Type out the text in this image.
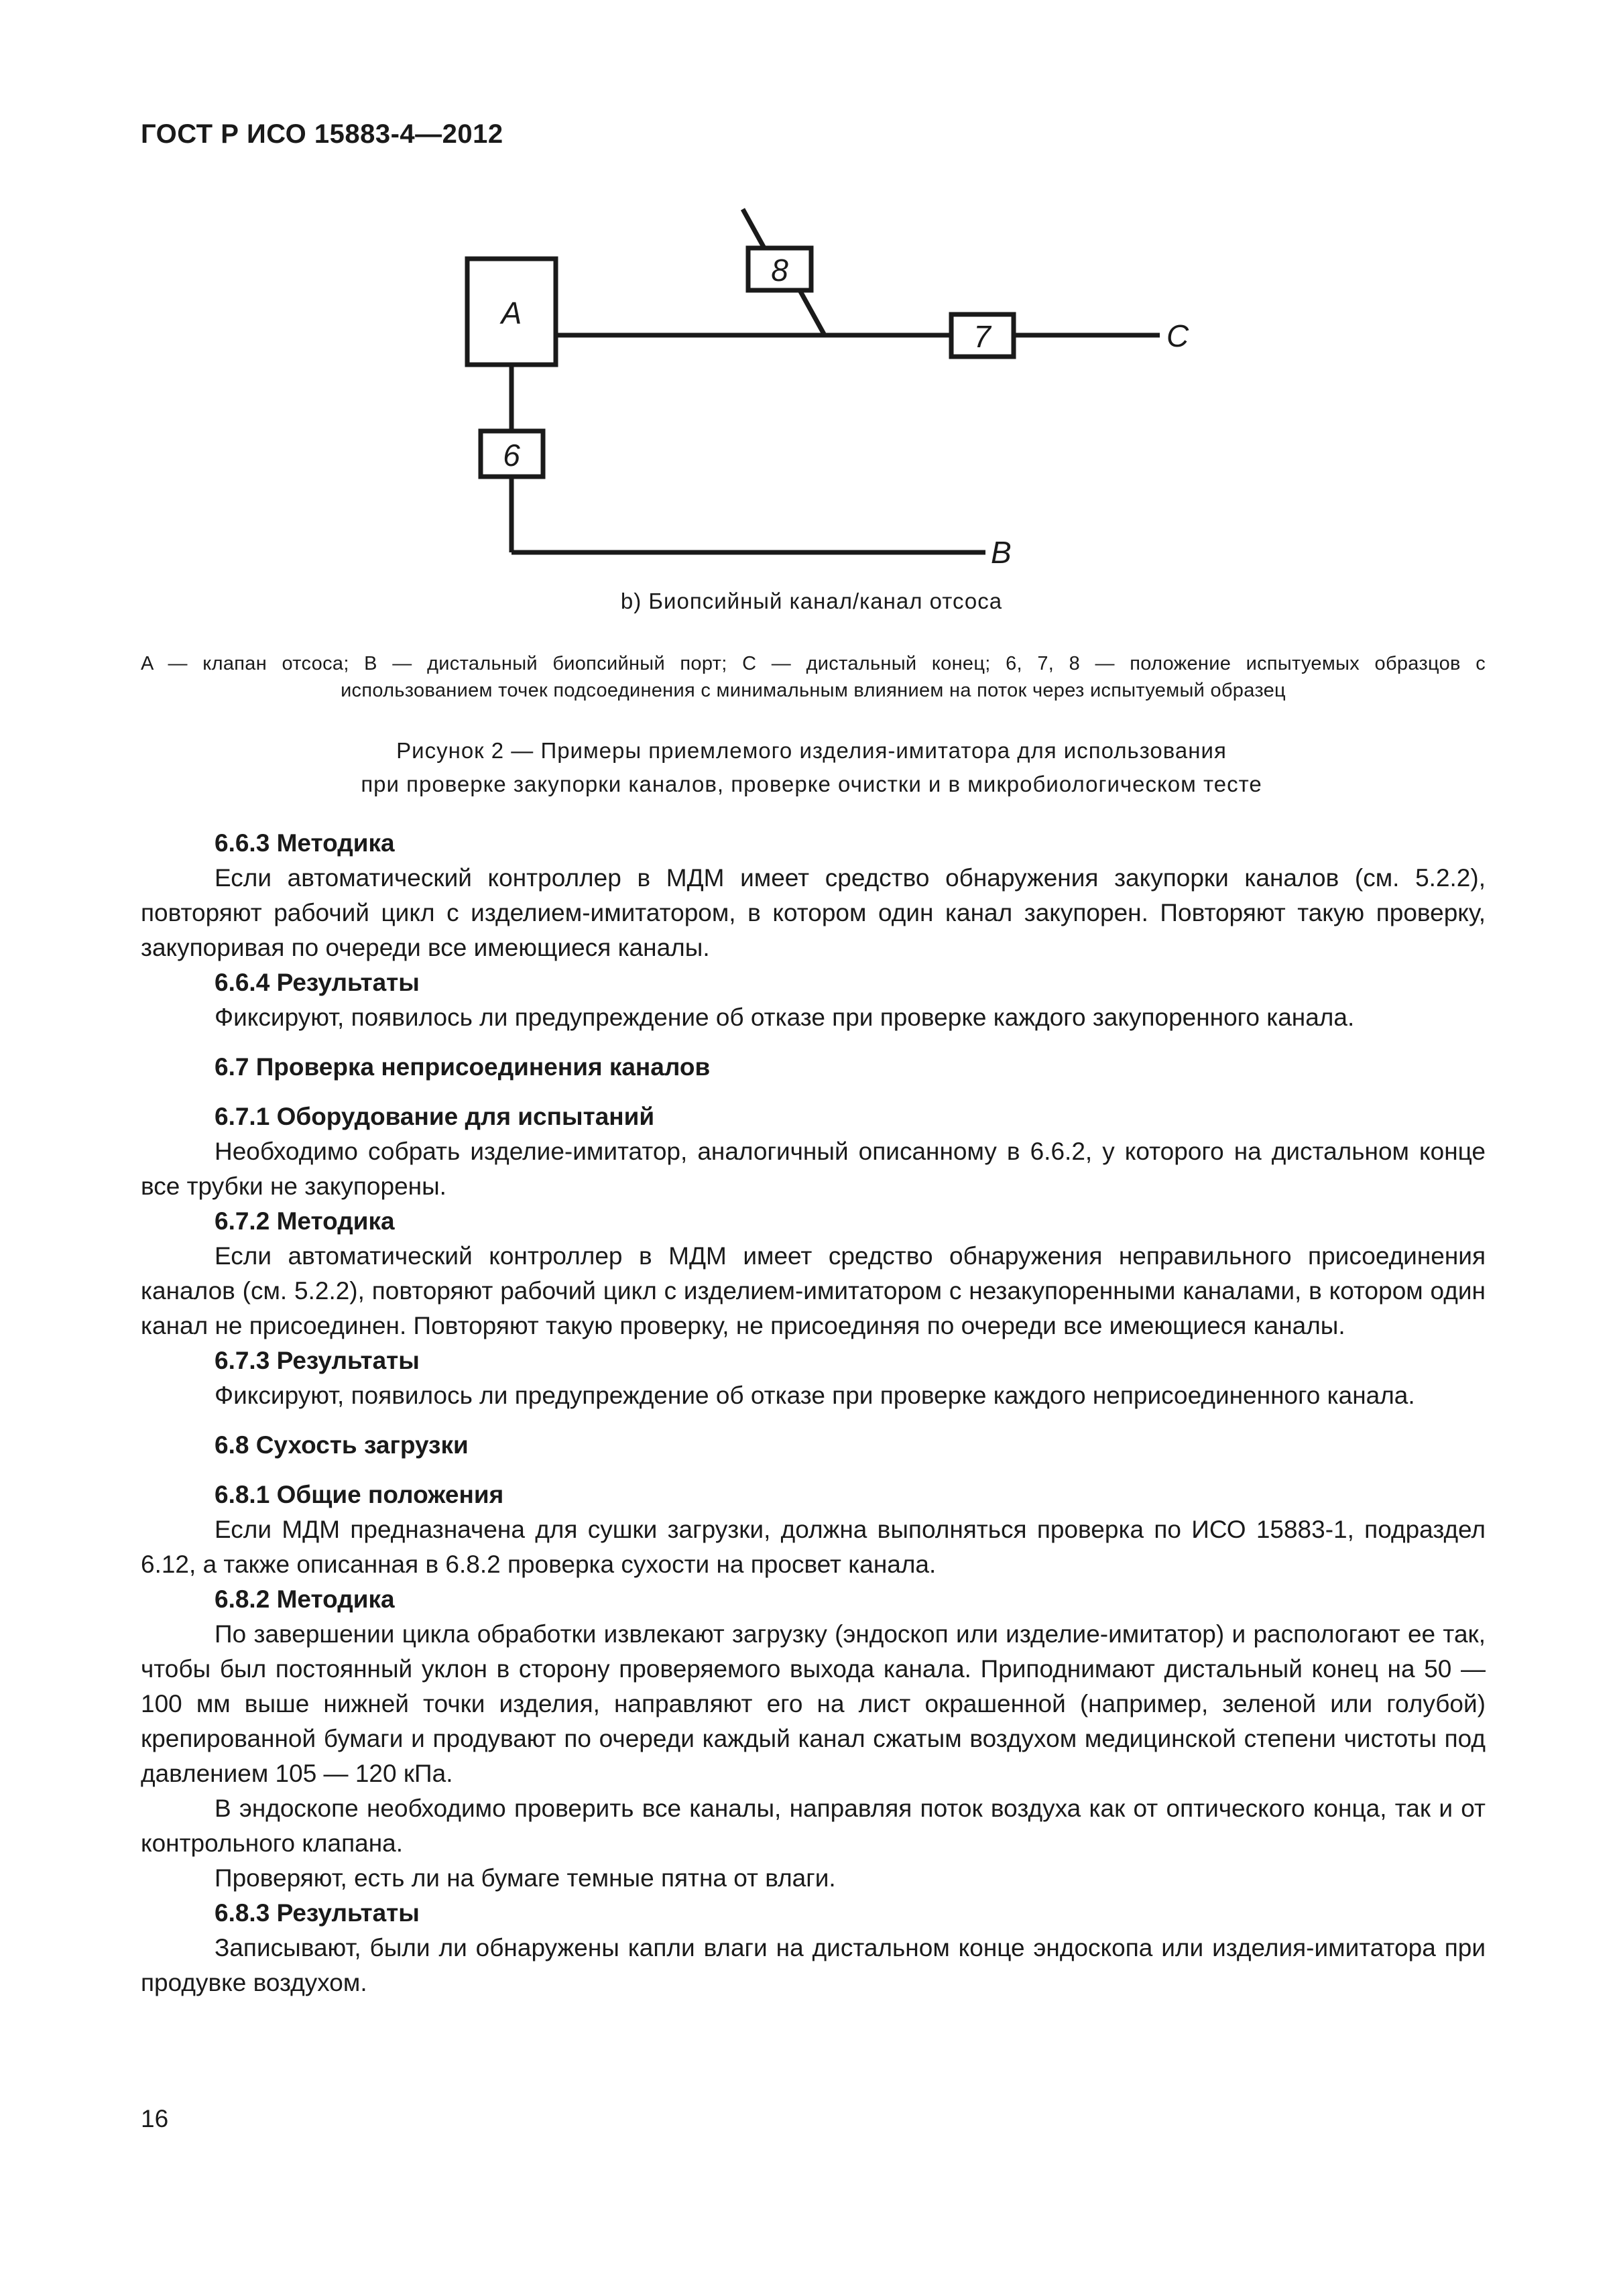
ГОСТ Р ИСО 15883-4—2012
A
7
8
6
C
B
b) Биопсийный канал/канал отсоса
A — клапан отсоса; B — дистальный биопсийный порт; С — дистальный конец; 6, 7, 8 — положение испытуемых образцов с
использованием точек подсоединения с минимальным влиянием на поток через испытуемый образец
Рисунок 2 — Примеры приемлемого изделия-имитатора для использования
при проверке закупорки каналов, проверке очистки и в микробиологическом тесте
6.6.3 Методика
Если автоматический контроллер в МДМ имеет средство обнаружения закупорки каналов (см. 5.2.2), повторяют рабочий цикл с изделием-имитатором, в котором один канал закупорен. Повторяют такую проверку, закупоривая по очереди все имеющиеся каналы.
6.6.4 Результаты
Фиксируют, появилось ли предупреждение об отказе при проверке каждого закупоренного канала.
6.7 Проверка неприсоединения каналов
6.7.1 Оборудование для испытаний
Необходимо собрать изделие-имитатор, аналогичный описанному в 6.6.2, у которого на дистальном конце все трубки не закупорены.
6.7.2 Методика
Если автоматический контроллер в МДМ имеет средство обнаружения неправильного присоединения каналов (см. 5.2.2), повторяют рабочий цикл с изделием-имитатором с незакупоренными каналами, в котором один канал не присоединен. Повторяют такую проверку, не присоединяя по очереди все имеющиеся каналы.
6.7.3 Результаты
Фиксируют, появилось ли предупреждение об отказе при проверке каждого неприсоединенного канала.
6.8 Сухость загрузки
6.8.1 Общие положения
Если МДМ предназначена для сушки загрузки, должна выполняться проверка по ИСО 15883-1, подраздел 6.12, а также описанная в 6.8.2 проверка сухости на просвет канала.
6.8.2 Методика
По завершении цикла обработки извлекают загрузку (эндоскоп или изделие-имитатор) и распологают ее так, чтобы был постоянный уклон в сторону проверяемого выхода канала. Приподнимают дистальный конец на 50 — 100 мм выше нижней точки изделия, направляют его на лист окрашенной (например, зеленой или голубой) крепированной бумаги и продувают по очереди каждый канал сжатым воздухом медицинской степени чистоты под давлением 105 — 120 кПа.
В эндоскопе необходимо проверить все каналы, направляя поток воздуха как от оптического конца, так и от контрольного клапана.
Проверяют, есть ли на бумаге темные пятна от влаги.
6.8.3 Результаты
Записывают, были ли обнаружены капли влаги на дистальном конце эндоскопа или изделия-имитатора при продувке воздухом.
16
